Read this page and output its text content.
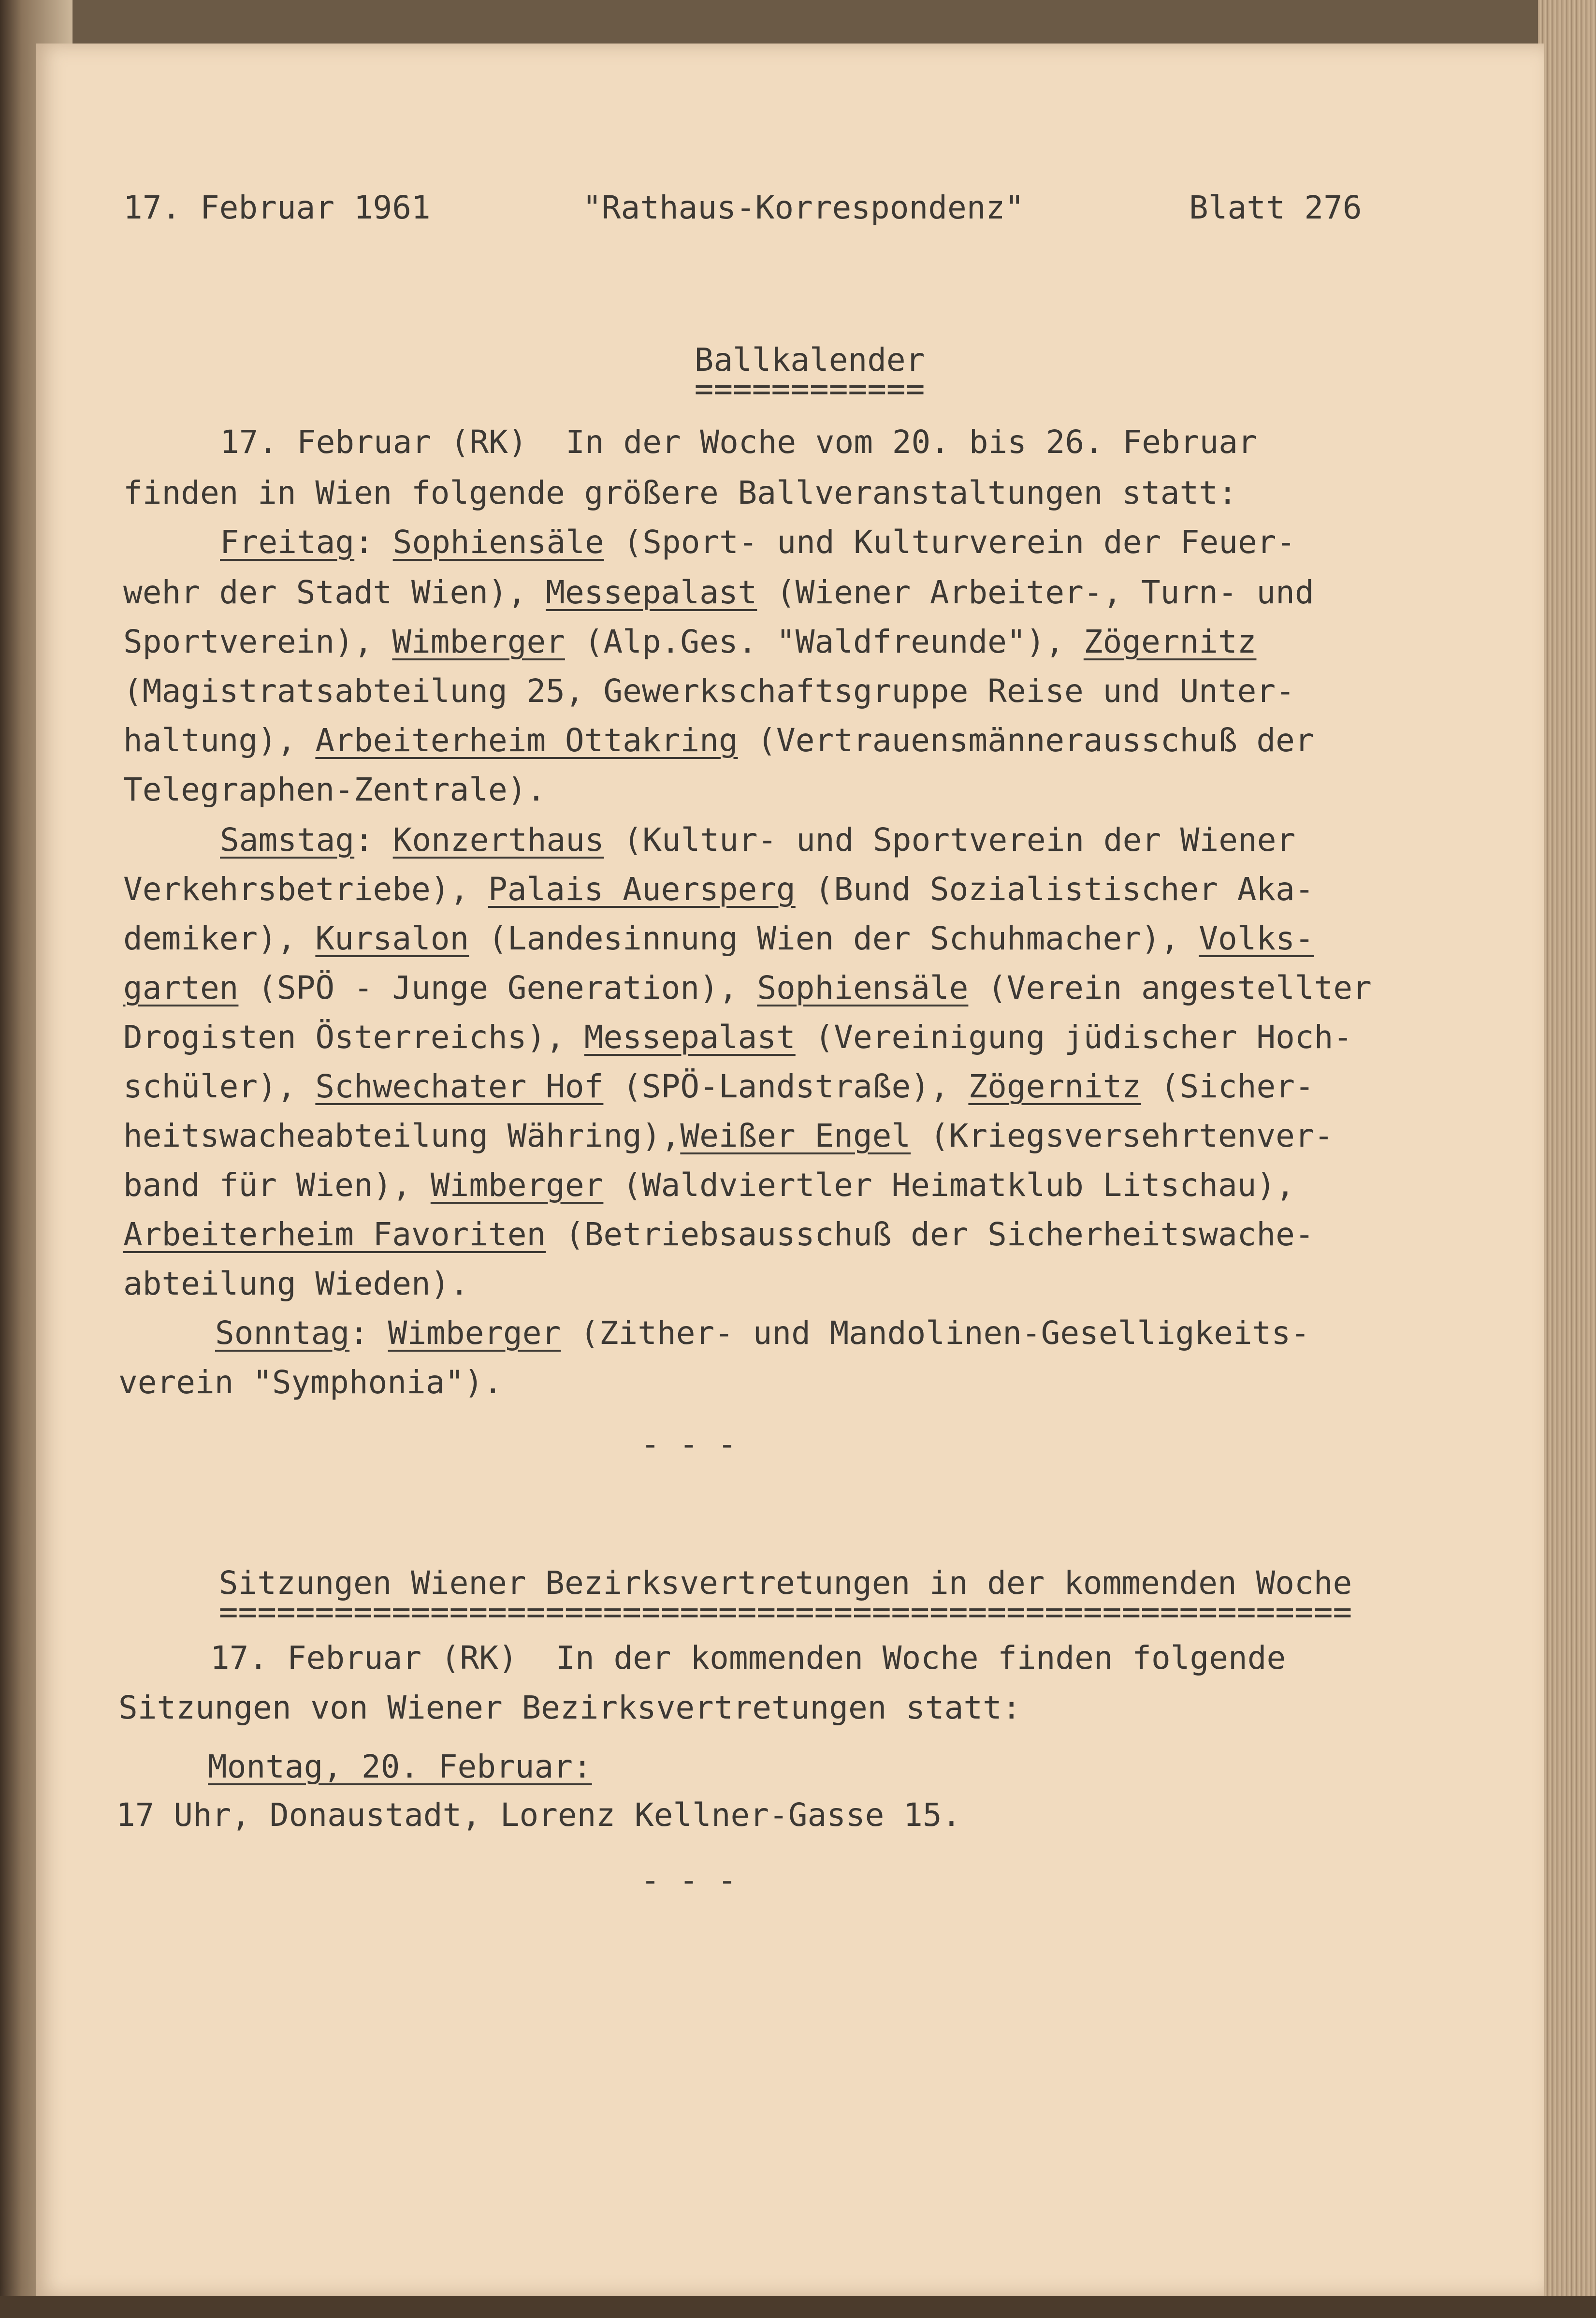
17. Februar 1961	"Rathaus-Korrespondenz"	Blatt 276

Ballkalender

============

17. Februar (RK) In der Woche vom 20. bis 26. Februar

finden in Wien folgende größere Ballveranstaltungen statt:

Freitag: Sophiensäle (Sport- und Kulturverein der Feuer-

wehr der Stadt Wien), Messepalast (Wiener Arbeiter-, Turn- und

Sportverein), Wimberger (Alp.Ges. "Waldfreunde"), Zögernitz

(Magistratsabteilung 25, Gewerkschaftsgruppe Reise und Unter-

haltung), Arbeiterheim Ottakring (Vertrauensmännerausschuß der

Telegraphen-Zentrale).

Samstag: Konzerthaus (Kultur- und Sportverein der Wiener

Verkehrsbetriebe), Palais Auersperg (Bund Sozialistischer Aka-

demiker), Kursalon (Landesinnung Wien der Schuhmacher), Volks-

garten (SPÖ - Junge Generation), Sophiensäle (Verein angestellter

Drogisten Österreichs), Messepalast (Vereinigung jüdischer Hoch-

schüler), Schwechater Hof (SPÖ-Landstraße), Zögernitz (Sicher-

heitswacheabteilung Währing),Weißer Engel (Kriegsversehrtenver-

band für Wien), Wimberger (Waldviertler Heimatklub Litschau),

Arbeiterheim Favoriten (Betriebsausschuß der Sicherheitswache-

abteilung Wieden).

Sonntag: Wimberger (Zither- und Mandolinen-Geselligkeits-

verein "Symphonia").

- - -

Sitzungen Wiener Bezirksvertretungen in der kommenden Woche

===========================================================

17. Februar (RK) In der kommenden Woche finden folgende

Sitzungen von Wiener Bezirksvertretungen statt:

Montag, 20. Februar:

17 Uhr, Donaustadt, Lorenz Kellner-Gasse 15.

- - -
